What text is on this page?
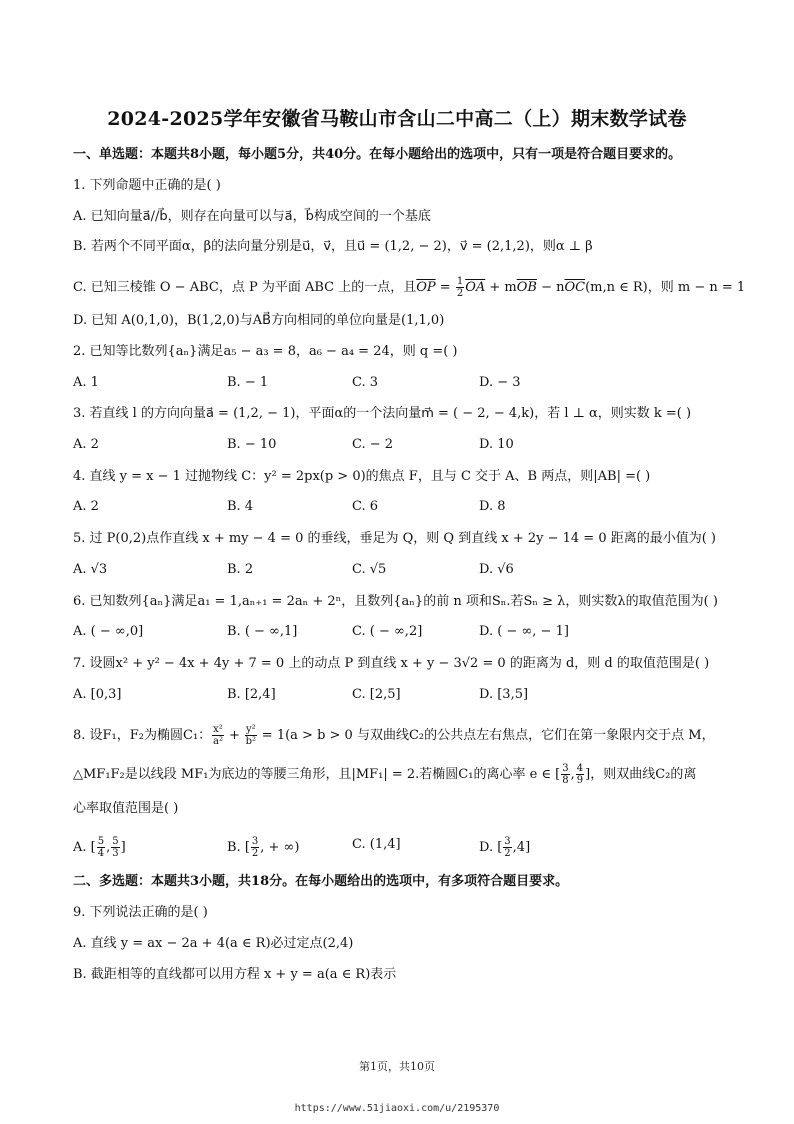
2024-2025学年安徽省马鞍山市含山二中高二（上）期末数学试卷
一、单选题：本题共8小题，每小题5分，共40分。在每小题给出的选项中，只有一项是符合题目要求的。
1. 下列命题中正确的是( )
A. 已知向量a⃗//b⃗，则存在向量可以与a⃗，b⃗构成空间的一个基底
B. 若两个不同平面α，β的法向量分别是u⃗，v⃗，且u⃗ = (1,2, − 2)，v⃗ = (2,1,2)，则α ⊥ β
C. 已知三棱锥 O − ABC，点 P 为平面 ABC 上的一点，且$\overline{OP} = \frac{1}{2} \overline{OA} + m\overline{OB} - n\overline{OC}(m,n$ ∈ R)，则 m − n = 1
D. 已知 A(0,1,0)，B(1,2,0)与AB⃗方向相同的单位向量是(1,1,0)
2. 已知等比数列{aₙ}满足a₅ − a₃ = 8，a₆ − a₄ = 24，则 q =( )
A. 1	B. − 1	C. 3	D. − 3
3. 若直线 l 的方向向量a⃗ = (1,2, − 1)，平面α的一个法向量m⃗ = ( − 2, − 4,k)，若 l ⊥ α，则实数 k =( )
A. 2	B. − 10	C. − 2	D. 10
4. 直线 y = x − 1 过抛物线 C：y² = 2px(p > 0)的焦点 F，且与 C 交于 A、B 两点，则|AB| =( )
A. 2	B. 4	C. 6	D. 8
5. 过 P(0,2)点作直线 x + my − 4 = 0 的垂线，垂足为 Q，则 Q 到直线 x + 2y − 14 = 0 距离的最小值为( )
A. √3	B. 2	C. √5	D. √6
6. 已知数列{aₙ}满足a₁ = 1,aₙ₊₁ = 2aₙ + 2ⁿ，且数列{aₙ}的前 n 项和Sₙ.若Sₙ ≥ λ，则实数λ的取值范围为( )
A. ( − ∞,0]	B. ( − ∞,1]	C. ( − ∞,2]	D. ( − ∞, − 1]
7. 设圆x² + y² − 4x + 4y + 7 = 0 上的动点 P 到直线 x + y − 3√2 = 0 的距离为 d，则 d 的取值范围是( )
A. [0,3]	B. [2,4]	C. [2,5]	D. [3,5]
8. 设F₁，F₂为椭圆C₁： $\frac{\text{x²}}{\text{a²}} + \frac{\text{y²}}{\text{b²}} = 1(a > b > 0$ 与双曲线C₂的公共点左右焦点，它们在第一象限内交于点 M，
△MF₁F₂是以线段 MF₁为底边的等腰三角形，且|MF₁| = 2.若椭圆C₁的离心率 e ∈ [ $\frac{3}{8}$ , $\frac{4}{9}$ ]，则双曲线C₂的离
心率取值范围是( )
A. [ $\frac{5}{4}$ , $\frac{5}{3}$ ]	B. [ $\frac{3}{2}$ , + ∞)	C. (1,4]	D. [ $\frac{3}{2} ,4$]
二、多选题：本题共3小题，共18分。在每小题给出的选项中，有多项符合题目要求。
9. 下列说法正确的是( )
A. 直线 y = ax − 2a + 4(a ∈ R)必过定点(2,4)
B. 截距相等的直线都可以用方程 x + y = a(a ∈ R)表示
第1页，共10页
https://www.51jiaoxi.com/u/2195370
